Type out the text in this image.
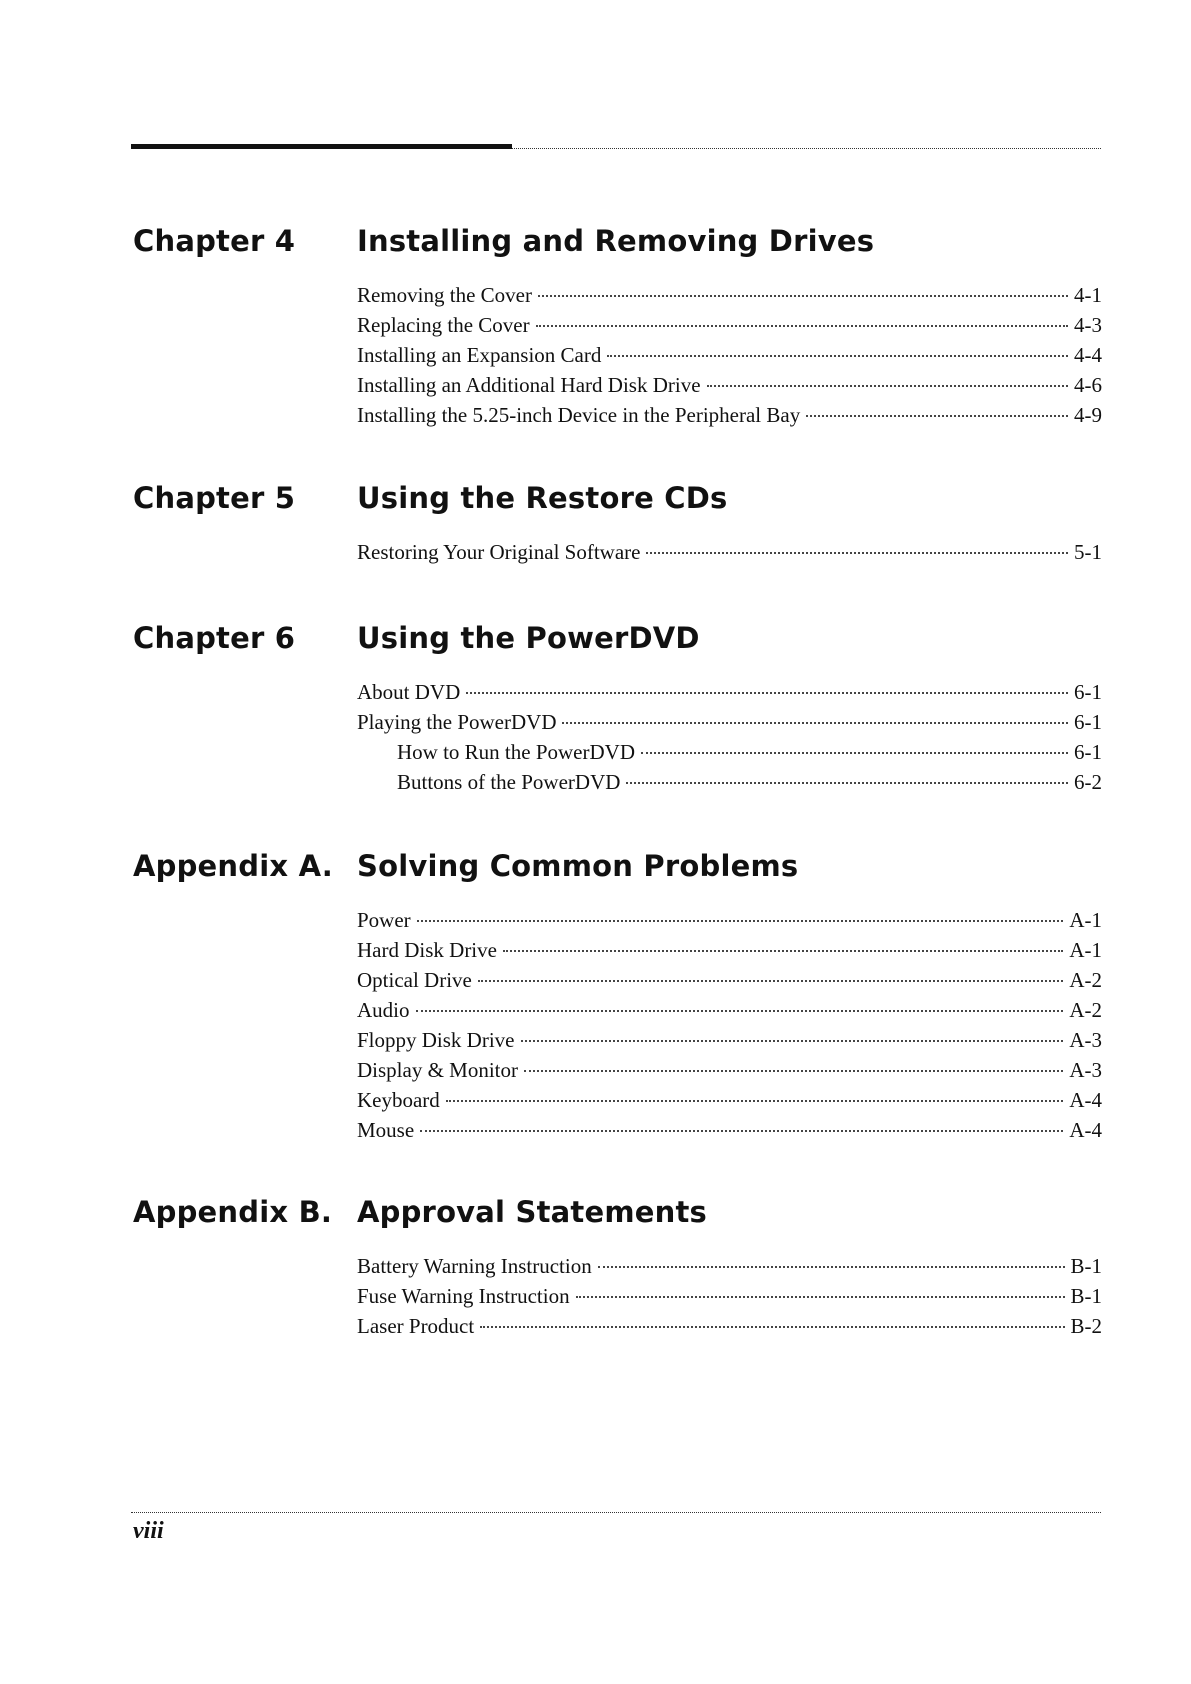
Chapter 4 Installing and Removing Drives
Removing the Cover	4-1
Replacing the Cover	4-3
Installing an Expansion Card	4-4
Installing an Additional Hard Disk Drive	4-6
Installing the 5.25-inch Device in the Peripheral Bay	4-9
Chapter 5 Using the Restore CDs
Restoring Your Original Software	5-1
Chapter 6 Using the PowerDVD
About DVD	6-1
Playing the PowerDVD	6-1
How to Run the PowerDVD	6-1
Buttons of the PowerDVD	6-2
Appendix A. Solving Common Problems
Power	A-1
Hard Disk Drive	A-1
Optical Drive	A-2
Audio	A-2
Floppy Disk Drive	A-3
Display & Monitor	A-3
Keyboard	A-4
Mouse	A-4
Appendix B. Approval Statements
Battery Warning Instruction	B-1
Fuse Warning Instruction	B-1
Laser Product	B-2
viii
